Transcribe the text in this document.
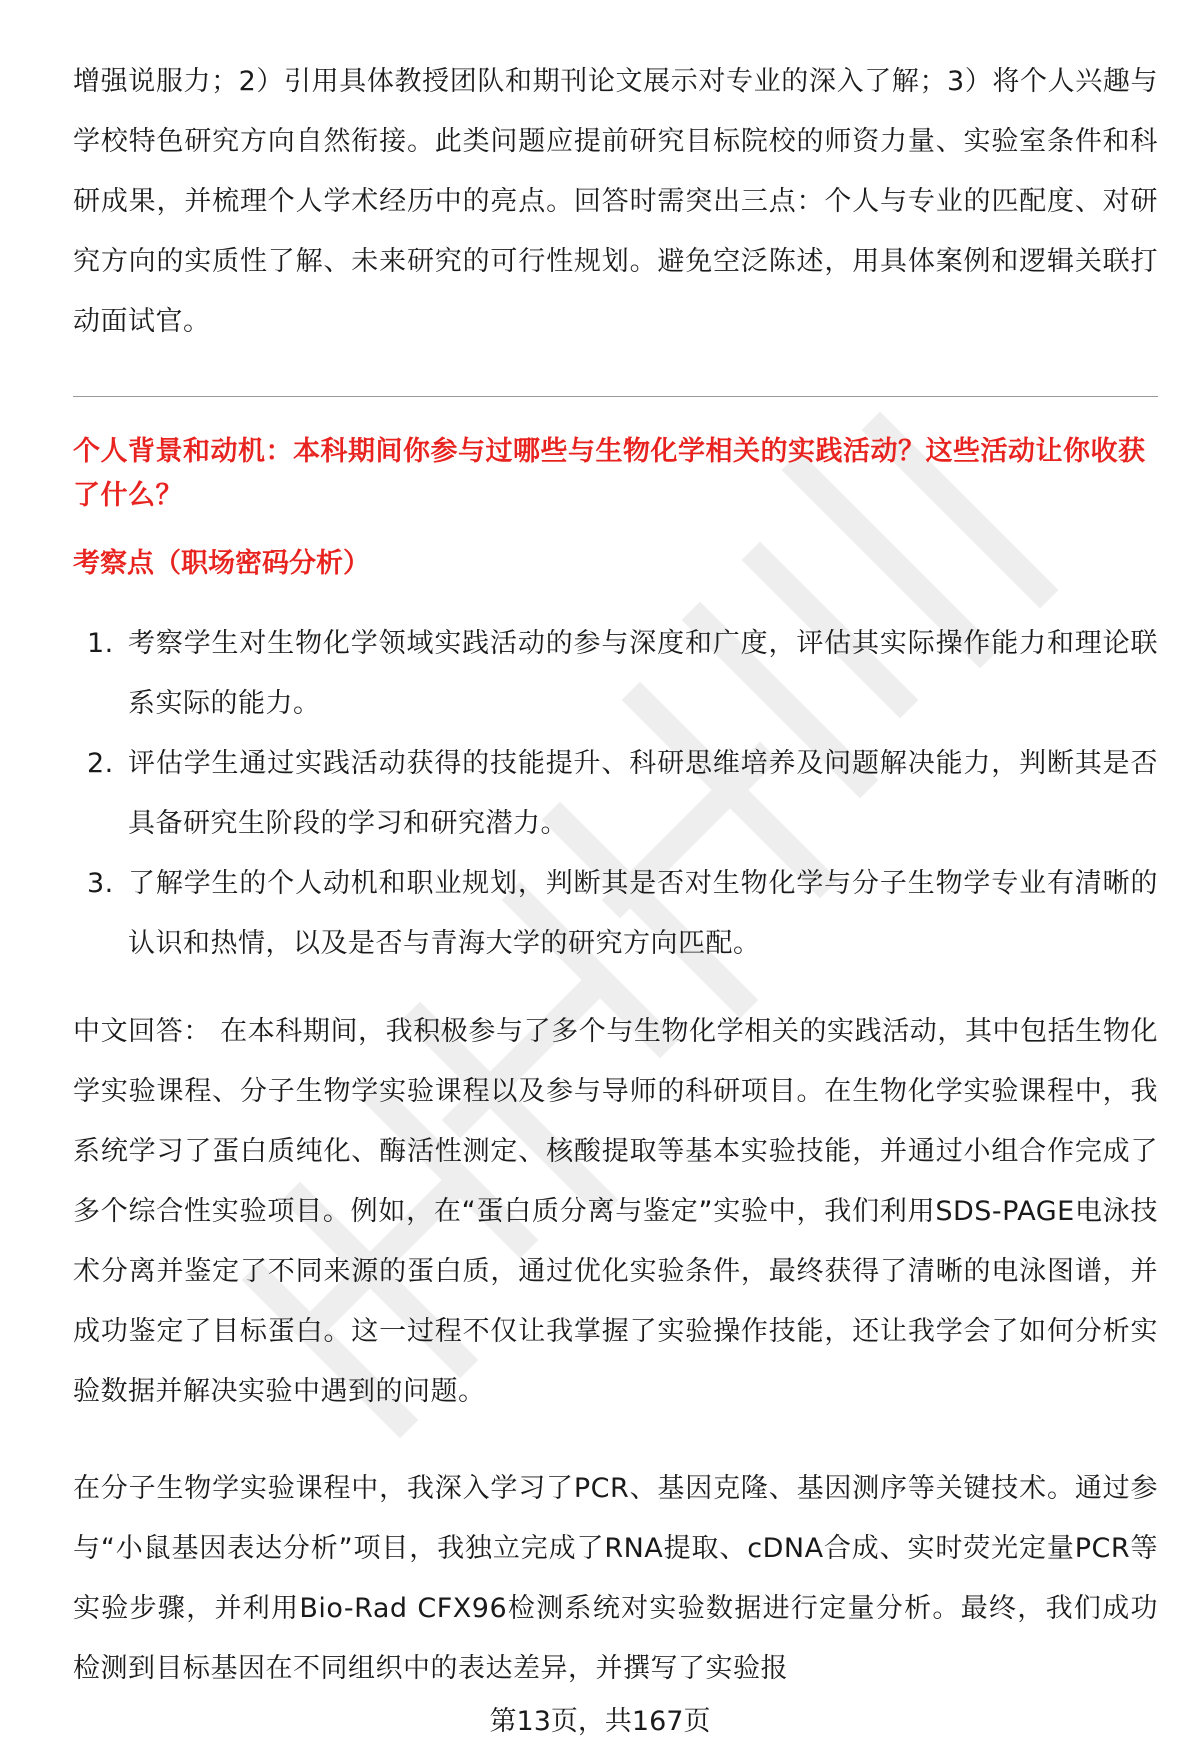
增强说服力；2）引用具体教授团队和期刊论文展示对专业的深入了解；3）将个人兴趣与学校特色研究方向自然衔接。此类问题应提前研究目标院校的师资力量、实验室条件和科研成果，并梳理个人学术经历中的亮点。回答时需突出三点：个人与专业的匹配度、对研究方向的实质性了解、未来研究的可行性规划。避免空泛陈述，用具体案例和逻辑关联打动面试官。

个人背景和动机：本科期间你参与过哪些与生物化学相关的实践活动？这些活动让你收获了什么？
考察点（职场密码分析）
1. 考察学生对生物化学领域实践活动的参与深度和广度，评估其实际操作能力和理论联系实际的能力。
2. 评估学生通过实践活动获得的技能提升、科研思维培养及问题解决能力，判断其是否具备研究生阶段的学习和研究潜力。
3. 了解学生的个人动机和职业规划，判断其是否对生物化学与分子生物学专业有清晰的认识和热情，以及是否与青海大学的研究方向匹配。

中文回答： 在本科期间，我积极参与了多个与生物化学相关的实践活动，其中包括生物化学实验课程、分子生物学实验课程以及参与导师的科研项目。在生物化学实验课程中，我系统学习了蛋白质纯化、酶活性测定、核酸提取等基本实验技能，并通过小组合作完成了多个综合性实验项目。例如，在“蛋白质分离与鉴定”实验中，我们利用SDS-PAGE电泳技术分离并鉴定了不同来源的蛋白质，通过优化实验条件，最终获得了清晰的电泳图谱，并成功鉴定了目标蛋白。这一过程不仅让我掌握了实验操作技能，还让我学会了如何分析实验数据并解决实验中遇到的问题。

在分子生物学实验课程中，我深入学习了PCR、基因克隆、基因测序等关键技术。通过参与“小鼠基因表达分析”项目，我独立完成了RNA提取、cDNA合成、实时荧光定量PCR等实验步骤，并利用Bio-Rad CFX96检测系统对实验数据进行定量分析。最终，我们成功检测到目标基因在不同组织中的表达差异，并撰写了实验报

第13页，共167页
